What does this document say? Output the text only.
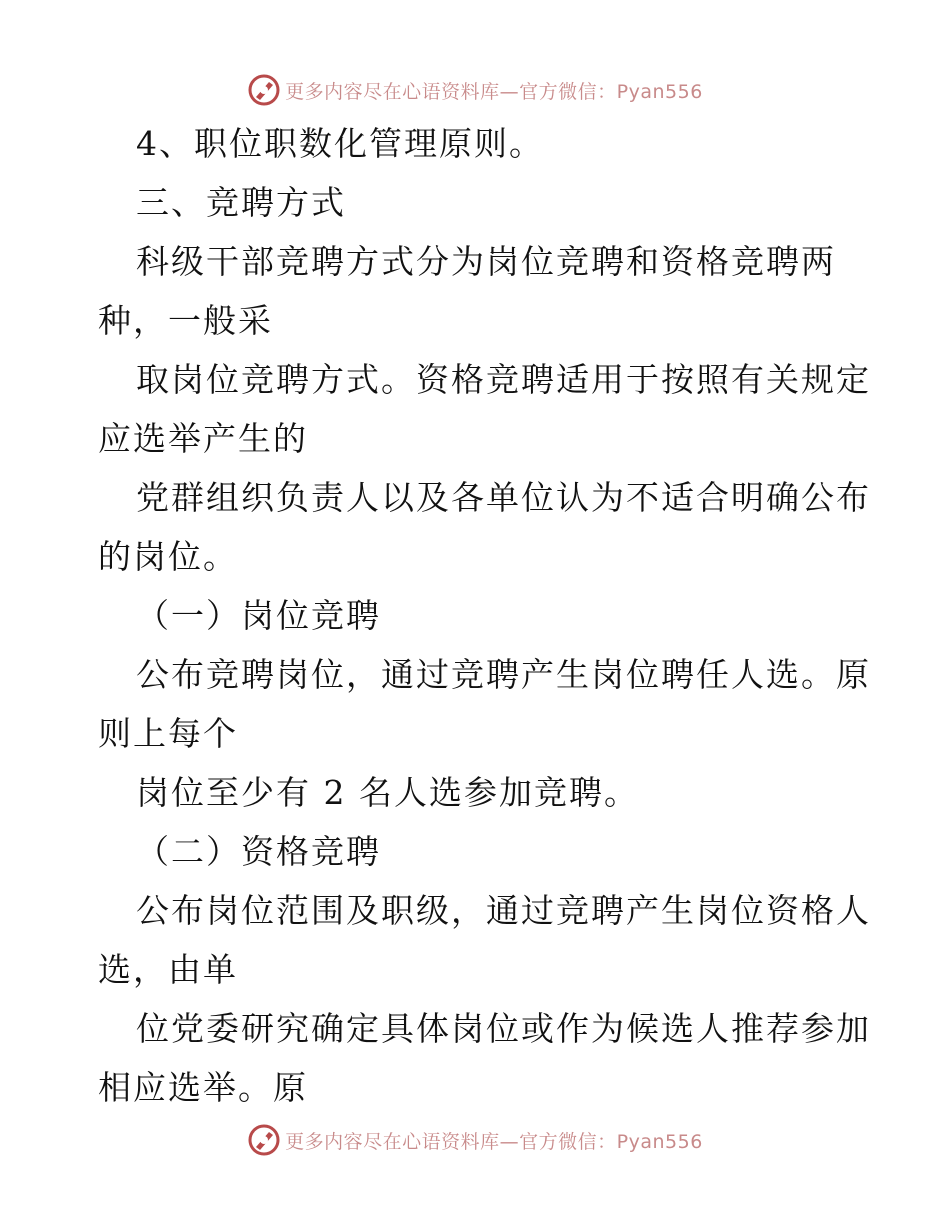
更多内容尽在心语资料库—官方微信：Pyan556
4、职位职数化管理原则。
三、竞聘方式
科级干部竞聘方式分为岗位竞聘和资格竞聘两
种，一般采
取岗位竞聘方式。资格竞聘适用于按照有关规定
应选举产生的
党群组织负责人以及各单位认为不适合明确公布
的岗位。
（一）岗位竞聘
公布竞聘岗位，通过竞聘产生岗位聘任人选。原
则上每个
岗位至少有 2 名人选参加竞聘。
（二）资格竞聘
公布岗位范围及职级，通过竞聘产生岗位资格人
选，由单
位党委研究确定具体岗位或作为候选人推荐参加
相应选举。原
更多内容尽在心语资料库—官方微信：Pyan556
